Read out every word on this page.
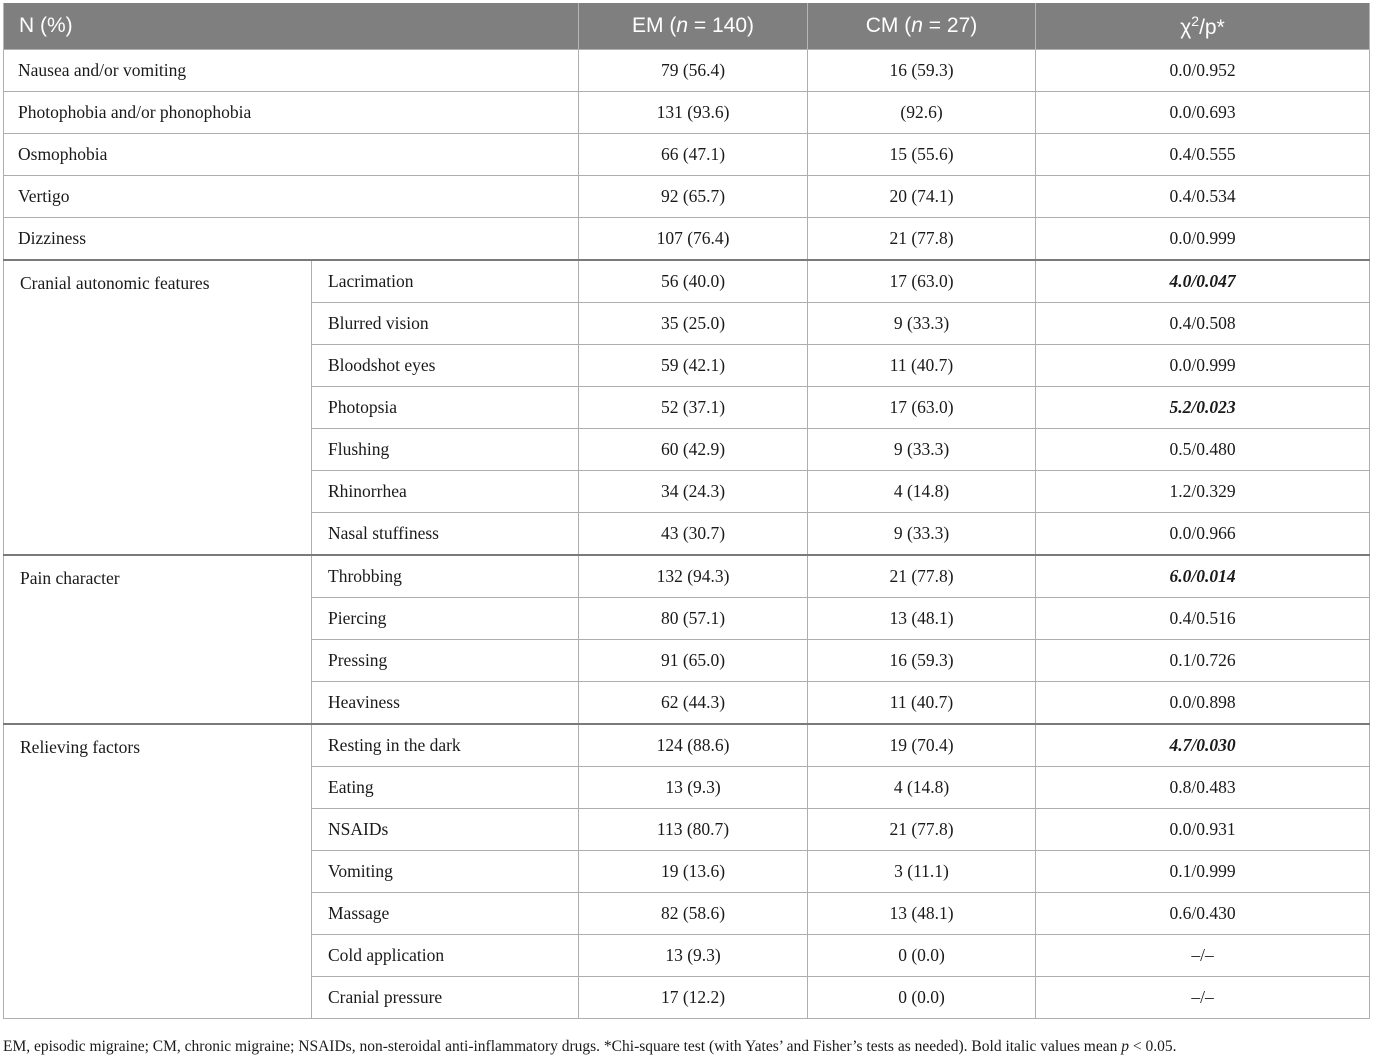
N (%)		EM (n = 140)	CM (n = 27)	$\chi^2/p*$
Nausea and/or vomiting		79 (56.4)	16 (59.3)	0.0/0.952
Photophobia and/or phonophobia		131 (93.6)	(92.6)	0.0/0.693
Osmophobia		66 (47.1)	15 (55.6)	0.4/0.555
Vertigo		92 (65.7)	20 (74.1)	0.4/0.534
Dizziness		107 (76.4)	21 (77.8)	0.0/0.999
Cranial autonomic features	Lacrimation	56 (40.0)	17 (63.0)	4.0/0.047
	Blurred vision	35 (25.0)	9 (33.3)	0.4/0.508
	Bloodshot eyes	59 (42.1)	11 (40.7)	0.0/0.999
	Photopsia	52 (37.1)	17 (63.0)	5.2/0.023
	Flushing	60 (42.9)	9 (33.3)	0.5/0.480
	Rhinorrhea	34 (24.3)	4 (14.8)	1.2/0.329
	Nasal stuffiness	43 (30.7)	9 (33.3)	0.0/0.966
Pain character	Throbbing	132 (94.3)	21 (77.8)	6.0/0.014
	Piercing	80 (57.1)	13 (48.1)	0.4/0.516
	Pressing	91 (65.0)	16 (59.3)	0.1/0.726
	Heaviness	62 (44.3)	11 (40.7)	0.0/0.898
Relieving factors	Resting in the dark	124 (88.6)	19 (70.4)	4.7/0.030
	Eating	13 (9.3)	4 (14.8)	0.8/0.483
	NSAIDs	113 (80.7)	21 (77.8)	0.0/0.931
	Vomiting	19 (13.6)	3 (11.1)	0.1/0.999
	Massage	82 (58.6)	13 (48.1)	0.6/0.430
	Cold application	13 (9.3)	0 (0.0)	–/–
	Cranial pressure	17 (12.2)	0 (0.0)	–/–
EM, episodic migraine; CM, chronic migraine; NSAIDs, non-steroidal anti-inflammatory drugs. *Chi-square test (with Yates’ and Fisher’s tests as needed). Bold italic values mean p < 0.05.
